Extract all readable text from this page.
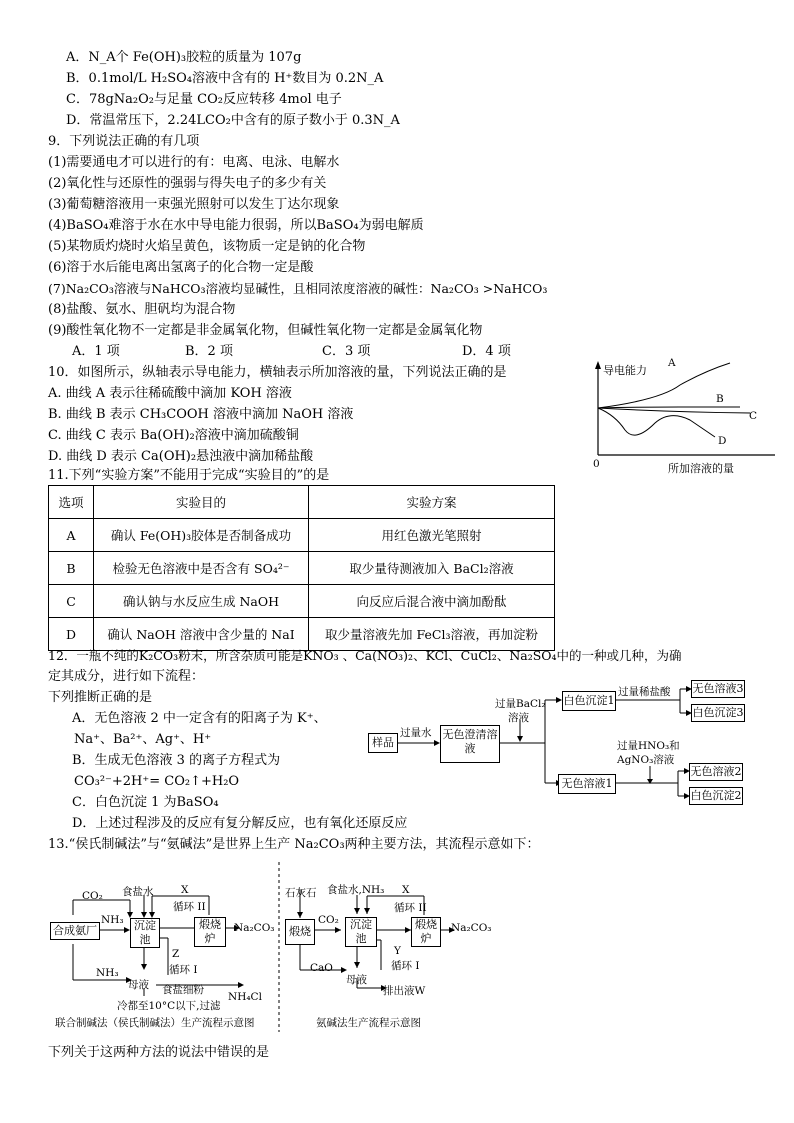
A．N_A个 Fe(OH)₃胶粒的质量为 107g
B．0.1mol/L H₂SO₄溶液中含有的 H⁺数目为 0.2N_A
C．78gNa₂O₂与足量 CO₂反应转移 4mol 电子
D．常温常压下，2.24LCO₂中含有的原子数小于 0.3N_A
9．下列说法正确的有几项
(1)需要通电才可以进行的有：电离、电泳、电解水
(2)氧化性与还原性的强弱与得失电子的多少有关
(3)葡萄糖溶液用一束强光照射可以发生丁达尔现象
(4)BaSO₄难溶于水在水中导电能力很弱，所以BaSO₄为弱电解质
(5)某物质灼烧时火焰呈黄色，该物质一定是钠的化合物
(6)溶于水后能电离出氢离子的化合物一定是酸
(7)Na₂CO₃溶液与NaHCO₃溶液均显碱性，且相同浓度溶液的碱性：Na₂CO₃ >NaHCO₃
(8)盐酸、氨水、胆矾均为混合物
(9)酸性氧化物不一定都是非金属氧化物，但碱性氧化物一定都是金属氧化物
A．1 项	B．2 项	C．3 项	D．4 项
10．如图所示，纵轴表示导电能力，横轴表示所加溶液的量，下列说法正确的是
A. 曲线 A 表示往稀硫酸中滴加 KOH 溶液
B. 曲线 B 表示 CH₃COOH 溶液中滴加 NaOH 溶液
C. 曲线 C 表示 Ba(OH)₂溶液中滴加硫酸铜
D. 曲线 D 表示 Ca(OH)₂悬浊液中滴加稀盐酸
导电能力
A
B
C
D
0	所加溶液的量
11.下列“实验方案”不能用于完成“实验目的”的是
选项	实验目的	实验方案
A	确认 Fe(OH)₃胶体是否制备成功	用红色激光笔照射
B	检验无色溶液中是否含有 SO₄²⁻	取少量待测液加入 BaCl₂溶液
C	确认钠与水反应生成 NaOH	向反应后混合液中滴加酚酞
D	确认 NaOH 溶液中含少量的 NaI	取少量溶液先加 FeCl₃溶液，再加淀粉
12．一瓶不纯的K₂CO₃粉末，所含杂质可能是KNO₃ 、Ca(NO₃)₂、KCl、CuCl₂、Na₂SO₄中的一种或几种，为确
定其成分，进行如下流程：
下列推断正确的是
A．无色溶液 2 中一定含有的阳离子为 K⁺、
Na⁺、Ba²⁺、Ag⁺、H⁺
B．生成无色溶液 3 的离子方程式为
CO₃²⁻+2H⁺= CO₂↑+H₂O
C．白色沉淀 1 为BaSO₄
D．上述过程涉及的反应有复分解反应，也有氧化还原反应
样品
过量水 无色澄清溶液
过量BaCl₂
溶液
白色沉淀1
过量稀盐酸 无色溶液3
白色沉淀3
无色溶液1
过量HNO₃和
AgNO₃溶液
无色溶液2
白色沉淀2
13.“侯氏制碱法”与“氨碱法”是世界上生产 Na₂CO₃两种主要方法，其流程示意如下：
CO₂ 食盐水	X
循环 II
合成氨厂
NH₃ 沉淀池
煅烧炉
Na₂CO₃
Z
循环 I
NH₃
母液 食盐细粉
冷都至10°C以下,过滤
NH₄Cl
联合制碱法（侯氏制碱法）生产流程示意图
石灰石 食盐水,NH₃ X
循环 II
煅烧
CO₂	沉淀池
煅烧炉
Na₂CO₃
Y
循环 I
CaO
母液
排出液W
氨碱法生产流程示意图
下列关于这两种方法的说法中错误的是
